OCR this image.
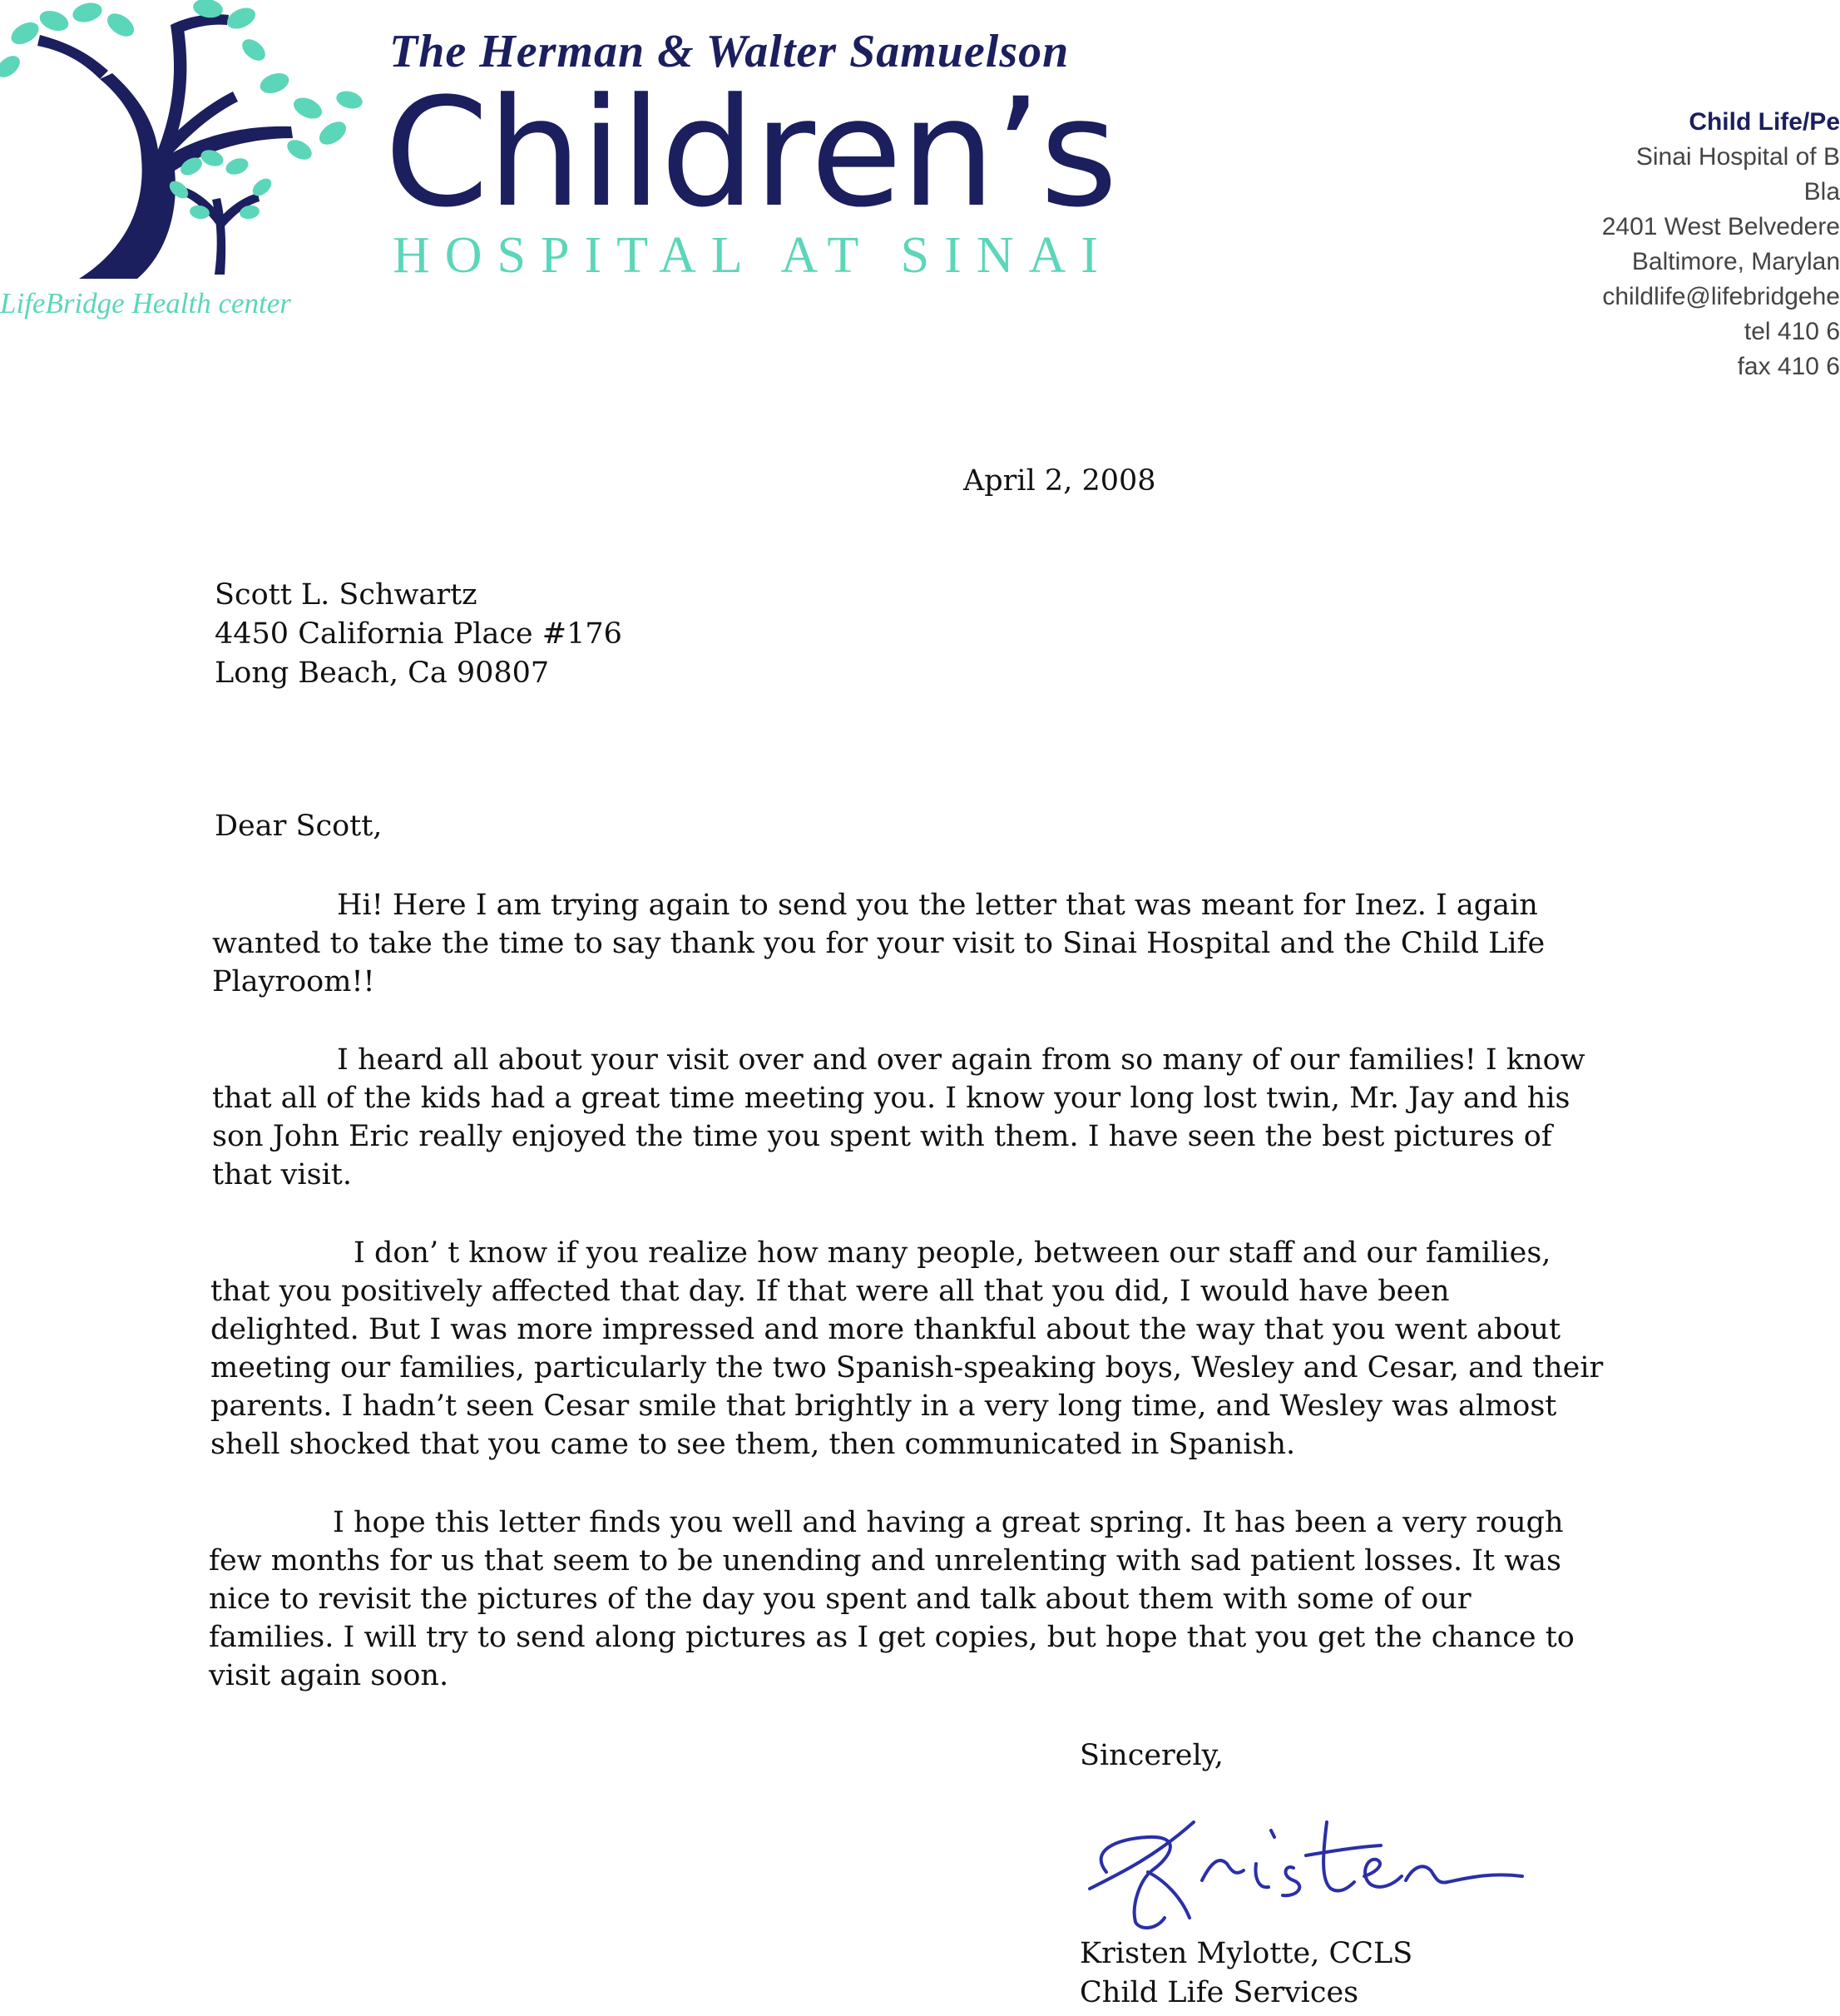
LifeBridge Health center
The Herman & Walter Samuelson
Children’s
HOSPITAL AT SINAI
Child Life/Pe
Sinai Hospital of B
Bla
2401 West Belvedere
Baltimore, Marylan
childlife@lifebridgehe
tel 410 6
fax 410 6
April 2, 2008
Scott L. Schwartz
4450 California Place #176
Long Beach, Ca 90807
Dear Scott,
Hi! Here I am trying again to send you the letter that was meant for Inez. I again
wanted to take the time to say thank you for your visit to Sinai Hospital and the Child Life
Playroom!!
I heard all about your visit over and over again from so many of our families! I know
that all of the kids had a great time meeting you. I know your long lost twin, Mr. Jay and his
son John Eric really enjoyed the time you spent with them. I have seen the best pictures of
that visit.
I don’ t know if you realize how many people, between our staff and our families,
that you positively affected that day. If that were all that you did, I would have been
delighted. But I was more impressed and more thankful about the way that you went about
meeting our families, particularly the two Spanish-speaking boys, Wesley and Cesar, and their
parents. I hadn’t seen Cesar smile that brightly in a very long time, and Wesley was almost
shell shocked that you came to see them, then communicated in Spanish.
I hope this letter finds you well and having a great spring. It has been a very rough
few months for us that seem to be unending and unrelenting with sad patient losses. It was
nice to revisit the pictures of the day you spent and talk about them with some of our
families. I will try to send along pictures as I get copies, but hope that you get the chance to
visit again soon.
Sincerely,
Kristen Mylotte, CCLS
Child Life Services
